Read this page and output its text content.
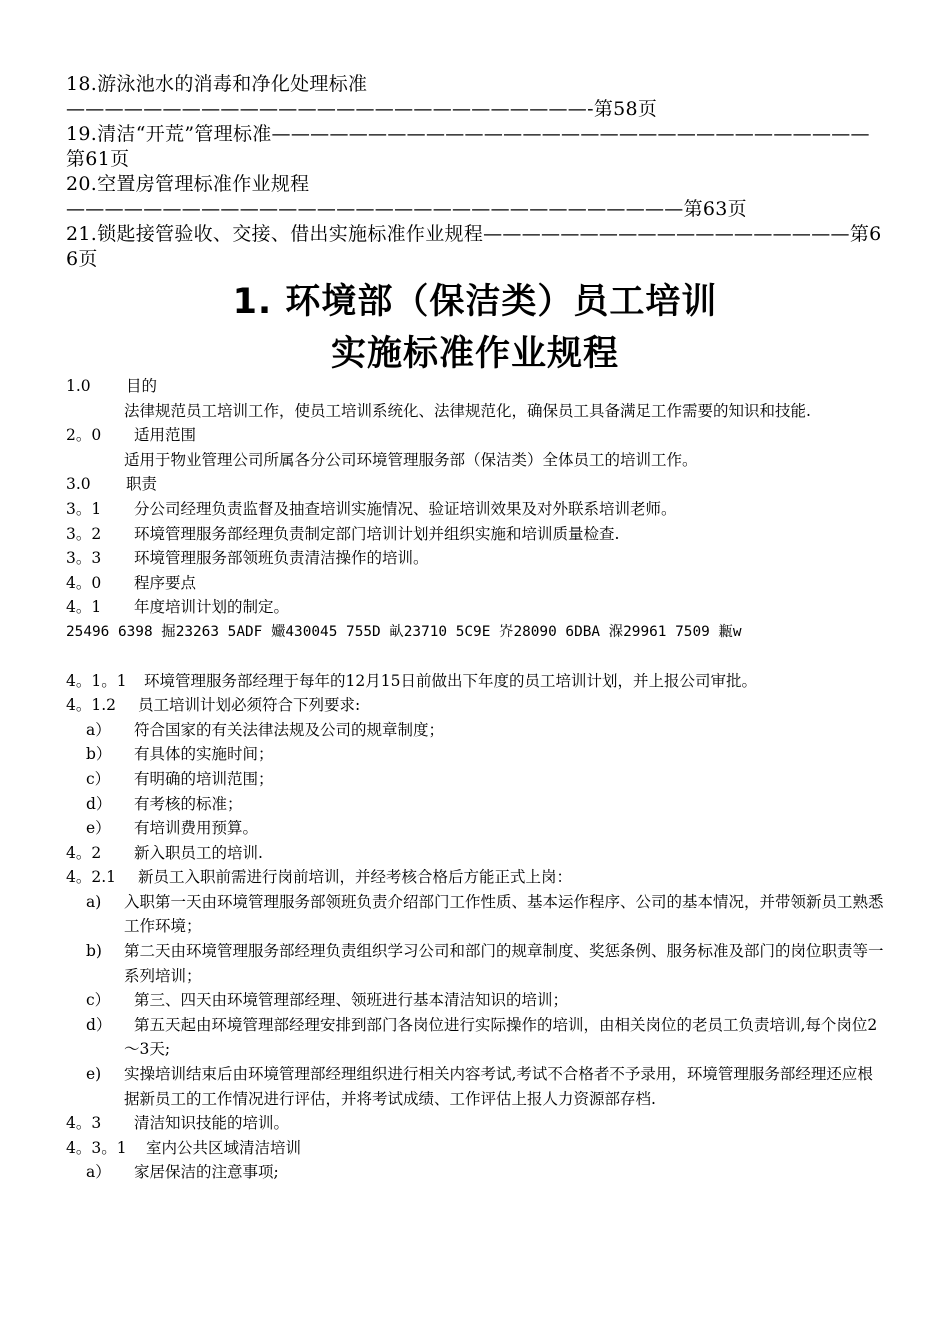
18.游泳池水的消毒和净化处理标准———————————————————————————-第58页

19.清洁“开荒”管理标准———————————————————————————————第61页

20.空置房管理标准作业规程————————————————————————————————第63页

21.锁匙接管验收、交接、借出实施标准作业规程———————————————————第66页

1. 环境部（保洁类）员工培训
实施标准作业规程
1.0	目的
法律规范员工培训工作，使员工培训系统化、法律规范化，确保员工具备满足工作需要的知识和技能.
2。0	适用范围
适用于物业管理公司所属各分公司环境管理服务部（保洁类）全体员工的培训工作。
3.0	职责
3。1	分公司经理负责监督及抽查培训实施情况、验证培训效果及对外联系培训老师。
3。2	环境管理服务部经理负责制定部门培训计划并组织实施和培训质量检查.
3。3	环境管理服务部领班负责清洁操作的培训。
4。0	程序要点
4。1	年度培训计划的制定。
25496 6398 掘23263 5ADF 孍430045 755D 畒23710 5C9E 岕28090 6DBA 湺29961 7509 甉w
4。1。1	环境管理服务部经理于每年的12月15日前做出下年度的员工培训计划，并上报公司审批。
4。1.2	员工培训计划必须符合下列要求:
a）	符合国家的有关法律法规及公司的规章制度；
b）	有具体的实施时间；
c）	有明确的培训范围；
d）	有考核的标准；
e）	有培训费用预算。
4。2	新入职员工的培训.
4。2.1	新员工入职前需进行岗前培训，并经考核合格后方能正式上岗：
a)	入职第一天由环境管理服务部领班负责介绍部门工作性质、基本运作程序、公司的基本情况，并带领新员工熟悉工作环境；
b)	第二天由环境管理服务部经理负责组织学习公司和部门的规章制度、奖惩条例、服务标准及部门的岗位职责等一系列培训；
c）	第三、四天由环境管理部经理、领班进行基本清洁知识的培训；
d）	第五天起由环境管理部经理安排到部门各岗位进行实际操作的培训，由相关岗位的老员工负责培训,每个岗位2～3天;
e)	实操培训结束后由环境管理部经理组织进行相关内容考试,考试不合格者不予录用，环境管理服务部经理还应根据新员工的工作情况进行评估，并将考试成绩、工作评估上报人力资源部存档.
4。3	清洁知识技能的培训。
4。3。1	室内公共区域清洁培训
a）	家居保洁的注意事项;
